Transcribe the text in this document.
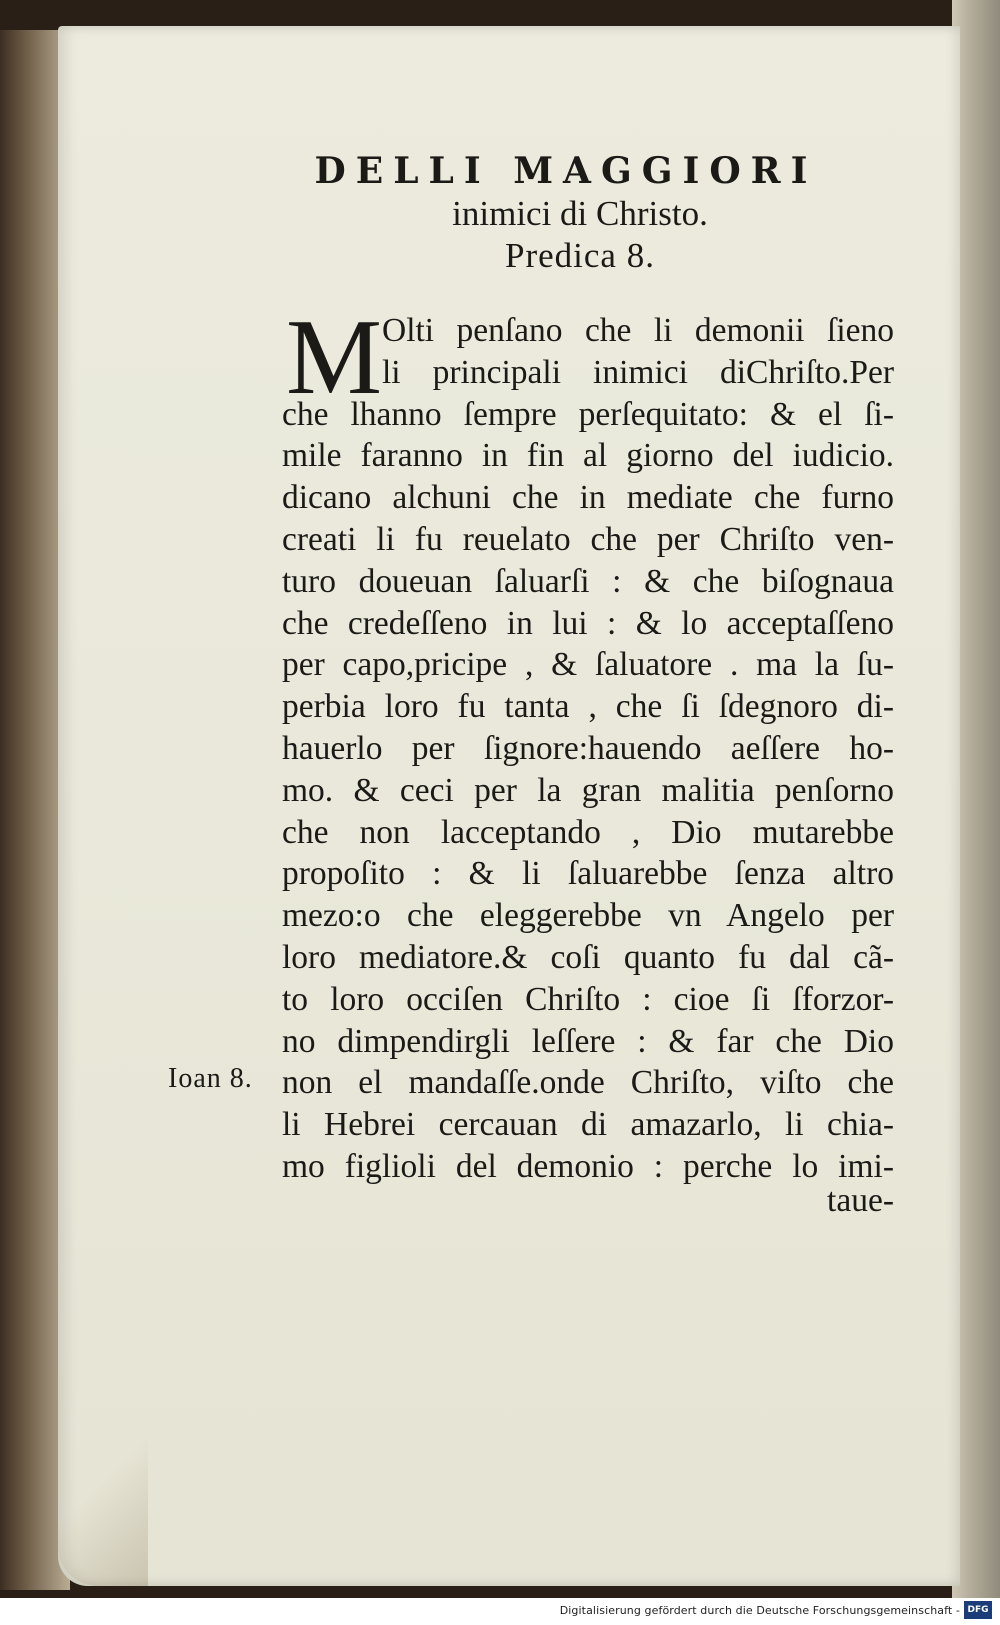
DELLI MAGGIORI
inimici di Christo.
Predica 8.
M Olti penſano che li demonii ſieno
li principali inimici diChriſto.Per
che lhanno ſempre perſequitato: & el ſi-
mile faranno in fin al giorno del iudicio.
dicano alchuni che in mediate che furno
creati li fu reuelato che per Chriſto ven-
turo doueuan ſaluarſi : & che biſognaua
che credeſſeno in lui : & lo acceptaſſeno
per capo,pricipe , & ſaluatore . ma la ſu-
perbia loro fu tanta , che ſi ſdegnoro di-
hauerlo per ſignore:hauendo aeſſere ho-
mo. & ceci per la gran malitia penſorno
che non lacceptando , Dio mutarebbe
propoſito : & li ſaluarebbe ſenza altro
mezo:o che eleggerebbe vn Angelo per
loro mediatore.& coſi quanto fu dal cã-
to loro occiſen Chriſto : cioe ſi ſforzor-
no dimpendirgli leſſere : & far che Dio
non el mandaſſe.onde Chriſto, viſto che
li Hebrei cercauan di amazarlo, li chia-
mo figlioli del demonio : perche lo imi-
Ioan 8.
taue-
Digitalisierung gefördert durch die Deutsche Forschungsgemeinschaft - DFG
